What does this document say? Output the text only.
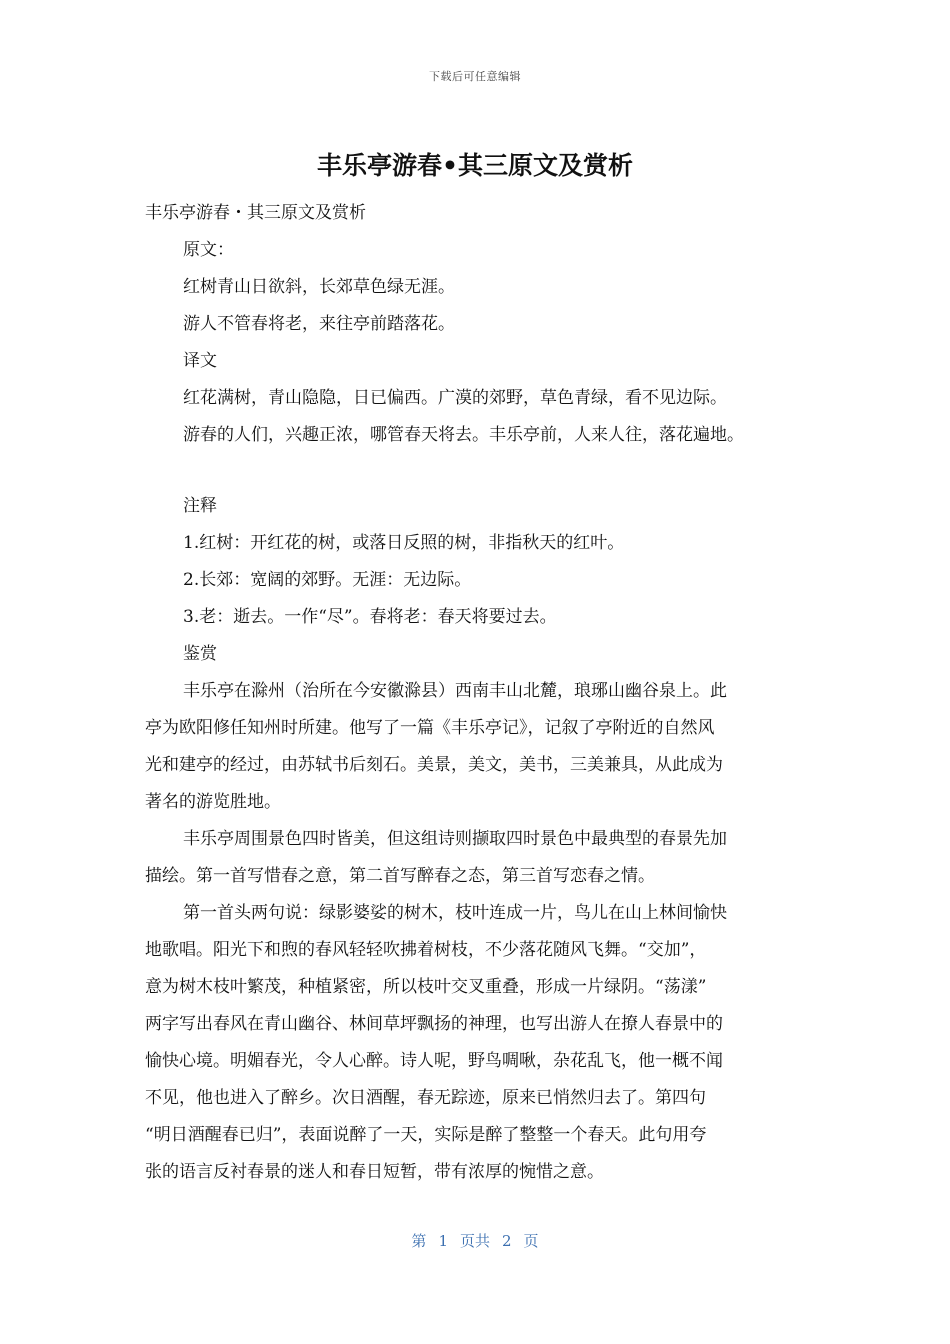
下载后可任意编辑
丰乐亭游春•其三原文及赏析
丰乐亭游春・其三原文及赏析
原文：
红树青山日欲斜，长郊草色绿无涯。
游人不管春将老，来往亭前踏落花。
译文
红花满树，青山隐隐，日已偏西。广漠的郊野，草色青绿，看不见边际。
游春的人们，兴趣正浓，哪管春天将去。丰乐亭前，人来人往，落花遍地。
注释
1.红树：开红花的树，或落日反照的树，非指秋天的红叶。
2.长郊：宽阔的郊野。无涯：无边际。
3.老：逝去。一作“尽”。春将老：春天将要过去。
鉴赏
丰乐亭在滁州（治所在今安徽滁县）西南丰山北麓，琅琊山幽谷泉上。此
亭为欧阳修任知州时所建。他写了一篇《丰乐亭记》，记叙了亭附近的自然风
光和建亭的经过，由苏轼书后刻石。美景，美文，美书，三美兼具，从此成为
著名的游览胜地。
丰乐亭周围景色四时皆美，但这组诗则撷取四时景色中最典型的春景先加
描绘。第一首写惜春之意，第二首写醉春之态，第三首写恋春之情。
第一首头两句说：绿影婆娑的树木，枝叶连成一片，鸟儿在山上林间愉快
地歌唱。阳光下和煦的春风轻轻吹拂着树枝，不少落花随风飞舞。“交加”，
意为树木枝叶繁茂，种植紧密，所以枝叶交叉重叠，形成一片绿阴。“荡漾”
两字写出春风在青山幽谷、林间草坪飘扬的神理，也写出游人在撩人春景中的
愉快心境。明媚春光，令人心醉。诗人呢，野鸟啁啾，杂花乱飞，他一概不闻
不见，他也进入了醉乡。次日酒醒，春无踪迹，原来已悄然归去了。第四句
“明日酒醒春已归”，表面说醉了一天，实际是醉了整整一个春天。此句用夸
张的语言反衬春景的迷人和春日短暂，带有浓厚的惋惜之意。
第 1 页共 2 页
